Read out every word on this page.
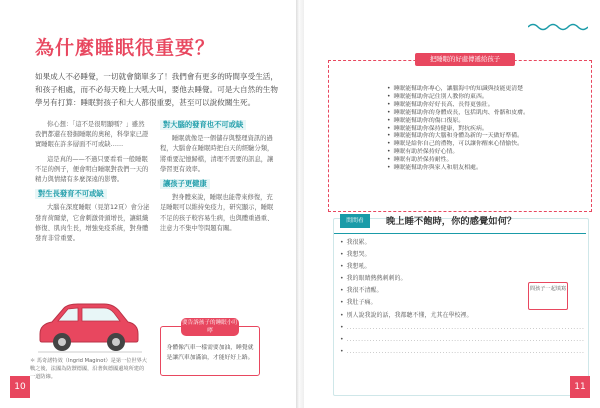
為什麼睡眠很重要？
如果成人不必睡覺，一切就會簡單多了！我們會有更多的時間享受生活，和孩子相處，而不必每天晚上大吼大叫，要他去睡覺。可是大自然的生物學另有打算：睡眠對孩子和大人都很重要，甚至可以說攸關生死。

你心想：「這不是很明顯嗎？」雖然我們都還在發掘睡眠的奧秘，科學家已證實睡眠在許多層面不可或缺……

這是真的——不過只要看看一般睡眠不足的例子，便會明白睡眠對我們一天的精力與情緒有多麼深遠的影響。

對生長發育不可或缺

大腦在深度睡眠（見第12頁）會分泌發育荷爾蒙，它會刺激骨頭增長，讓組織修復、肌肉生長，增強免疫系統，對身體發育非常重要。

對大腦的發育也不可或缺

睡眠就像是一個儲存與整理資訊的過程，大腦會在睡眠時把白天的經驗分類，將重要記憶歸檔，清理不需要的訊息，讓學習更有效率。

讓孩子更健康

對身體來說，睡眠也能帶來修復，充足睡眠可以維持免疫力，研究顯示，睡眠不足的孩子較容易生病，也與體重過重、注意力不集中等問題有關。

＊ 馬奇諾特效（Ingrid Maginot）是第一位世界大戰之後，法國為防禦德國，沿著與德國邊境所建的一道防線。
要告訴孩子的睡眠小叮嚀
身體像汽車一樣需要加油，睡覺就是讓汽車加滿油，才能好好上路。
10
把睡眠的好處傳遞給孩子
• 睡眠能幫助你專心，讓腦海中的知識與技能更清楚
• 睡眠能幫助你記住別人教你的東西。
• 睡眠能幫助你好好長高、長得更強壯。
• 睡眠能幫助你的身體成長，包括肌肉、骨骼和皮膚。
• 睡眠能幫助你的傷口復原。
• 睡眠能幫助你保持健康，對抗疾病。
• 睡眠能幫助你的大腦和身體為新的一天做好準備。
• 睡眠是給你自己的禮物，可以讓你醒來心情愉快。
• 睡眠有助於保持好心情。
• 睡眠有助於保持耐性。
• 睡眠能幫助你與家人和朋友相處。
問問看	晚上睡不飽時，你的感覺如何？
• 我很累。
• 我想哭。
• 我想吼。
• 我的眼睛熱熱刺刺的。
• 我很不清醒。
• 我肚子痛。
• 別人說我說的話，我都聽不懂，尤其在學校裡。
• ..................................................................................
• ..................................................................................
• ..................................................................................
問孩子一起填寫
11
